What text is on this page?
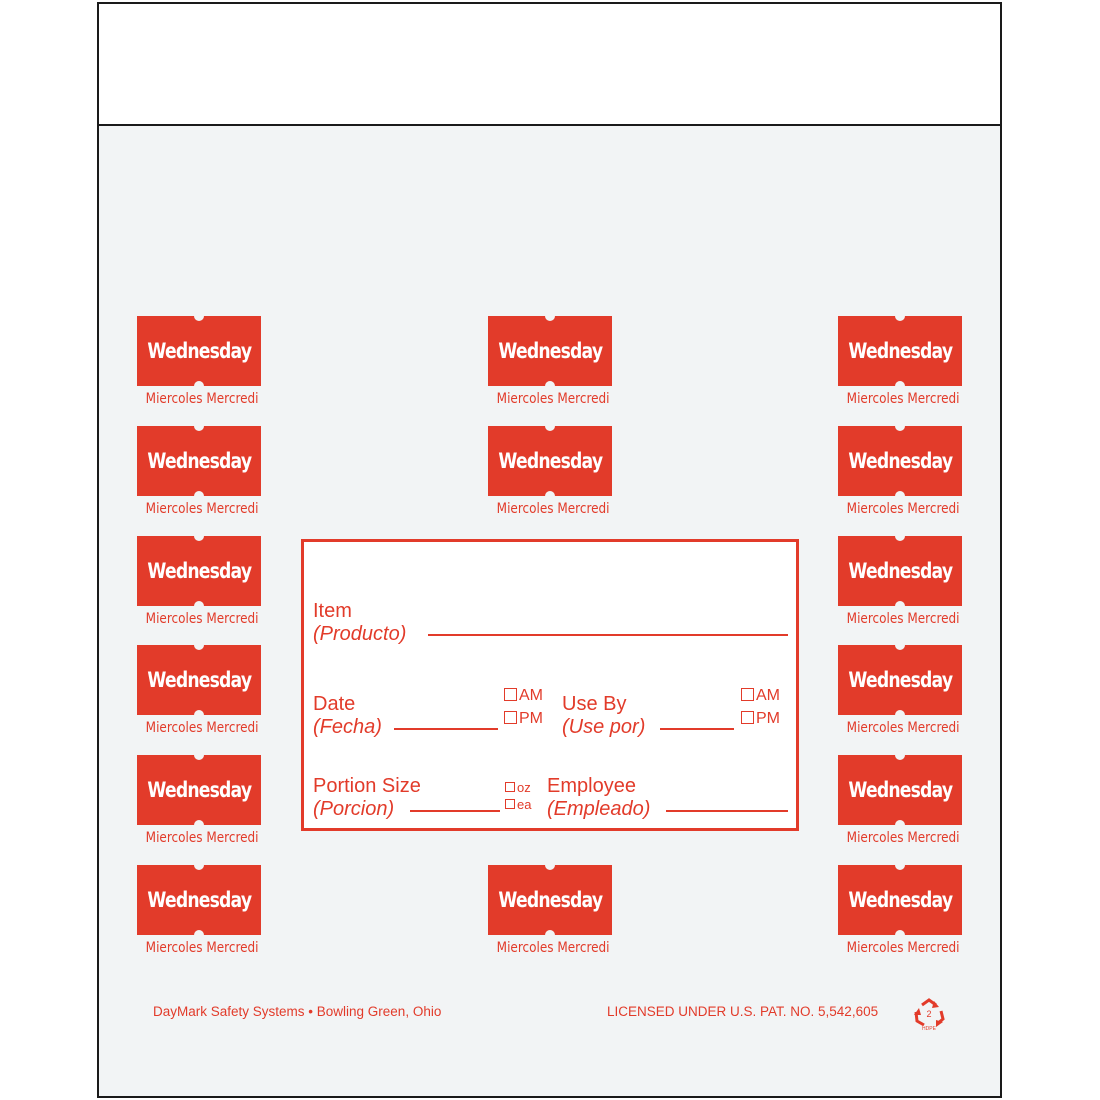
Wednesday
Miercoles Mercredi
Wednesday
Miercoles Mercredi
Wednesday
Miercoles Mercredi
Wednesday
Miercoles Mercredi
Wednesday
Miercoles Mercredi
Wednesday
Miercoles Mercredi
Wednesday
Miercoles Mercredi
Wednesday
Miercoles Mercredi
Wednesday
Miercoles Mercredi
Wednesday
Miercoles Mercredi
Wednesday
Miercoles Mercredi
Wednesday
Miercoles Mercredi
Wednesday
Miercoles Mercredi
Wednesday
Miercoles Mercredi
Wednesday
Miercoles Mercredi
Item
(Producto)
Date
(Fecha)
AM
PM
Use By
(Use por)
AM
PM
Portion Size
(Porcion)
oz
ea
Employee
(Empleado)
DayMark Safety Systems • Bowling Green, Ohio	LICENSED UNDER U.S. PAT. NO. 5,542,605	2
HDPE
